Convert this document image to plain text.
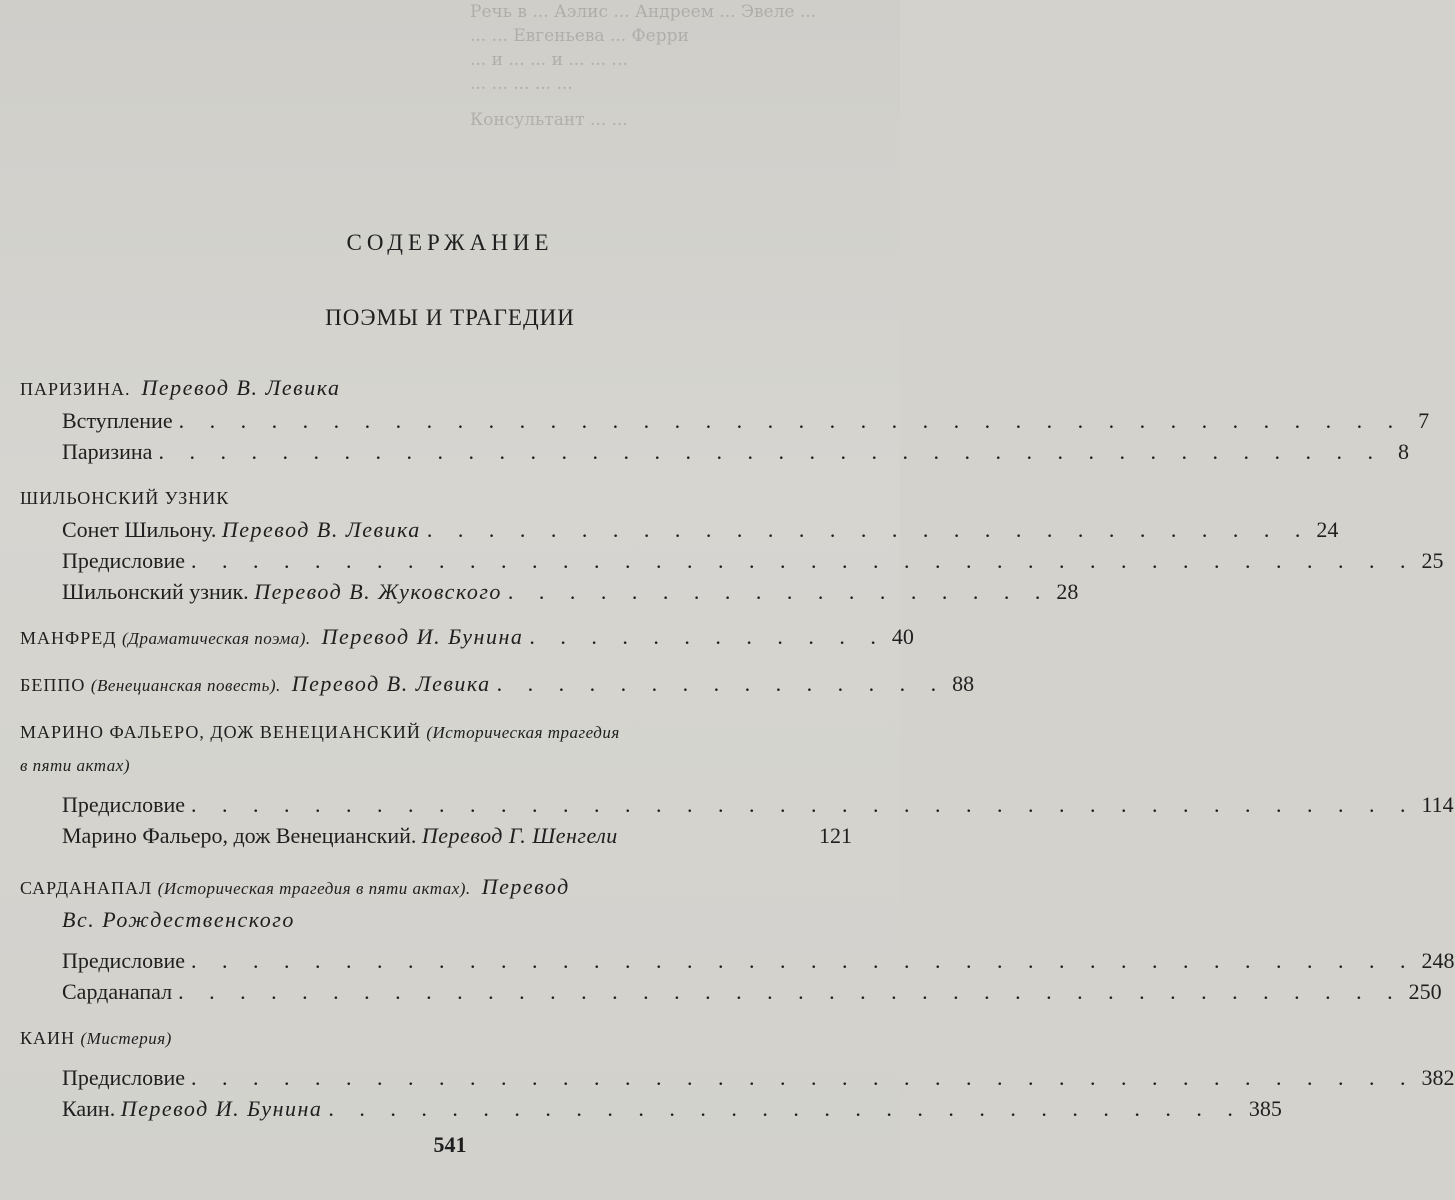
Речь в ... Аэлис ... Андреем ... Эвеле ...
... ... Евгеньева ... Ферри
... и ... ... и ... ... ...
... ... ... ... ...
Консультант ... ...
СОДЕРЖАНИЕ
ПОЭМЫ И ТРАГЕДИИ
ПАРИЗИНА. Перевод В. Левика
Вступление . . . . . . . . . . . . . . . . . . . . . . . . . . . . . . . . . . . . . . . . 7
Паризина . . . . . . . . . . . . . . . . . . . . . . . . . . . . . . . . . . . . . . . . 8
ШИЛЬОНСКИЙ УЗНИК
Сонет Шильону. Перевод В. Левика . . . . . . . . . . . . . . . . . . . . . . . . . . . . . 24
Предисловие . . . . . . . . . . . . . . . . . . . . . . . . . . . . . . . . . . . . . . . . 25
Шильонский узник. Перевод В. Жуковского . . . . . . . . . . . . . . . . . . 28
МАНФРЕД (Драматическая поэма). Перевод И. Бунина . . . . . . . . . . . . 40
БЕППО (Венецианская повесть). Перевод В. Левика . . . . . . . . . . . . . . . 88
МАРИНО ФАЛЬЕРО, ДОЖ ВЕНЕЦИАНСКИЙ (Историческая трагедия
в пяти актах)
Предисловие . . . . . . . . . . . . . . . . . . . . . . . . . . . . . . . . . . . . . . . . 114
Марино Фальеро, дож Венецианский. Перевод Г. Шенгели	121
САРДАНАПАЛ (Историческая трагедия в пяти актах). Перевод
Вс. Рождественского
Предисловие . . . . . . . . . . . . . . . . . . . . . . . . . . . . . . . . . . . . . . . . 248
Сарданапал . . . . . . . . . . . . . . . . . . . . . . . . . . . . . . . . . . . . . . . . 250
КАИН (Мистерия)
Предисловие . . . . . . . . . . . . . . . . . . . . . . . . . . . . . . . . . . . . . . . . 382
Каин. Перевод И. Бунина . . . . . . . . . . . . . . . . . . . . . . . . . . . . . . 385
541
